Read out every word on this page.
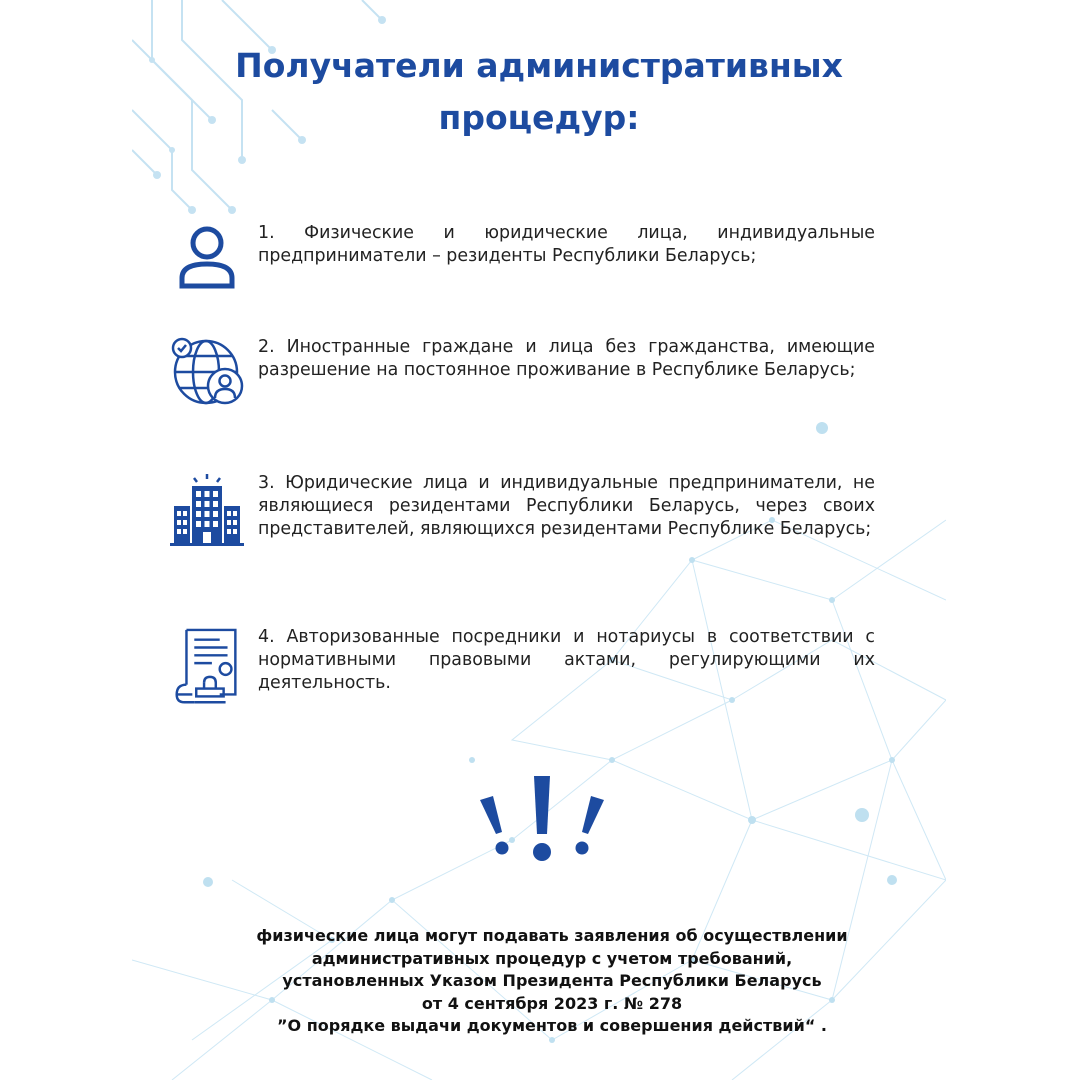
Получатели административных
процедур:

1. Физические и юридические лица, индивидуальные предприниматели – резиденты Республики Беларусь;

2. Иностранные граждане и лица без гражданства, имеющие разрешение на постоянное проживание в Республике Беларусь;

3. Юридические лица и индивидуальные предприниматели, не являющиеся резидентами Республики Беларусь, через своих представителей, являющихся резидентами Республике Беларусь;

4. Авторизованные посредники и нотариусы в соответствии с нормативными правовыми актами, регулирующими их деятельность.

физические лица могут подавать заявления об осуществлении
административных процедур с учетом требований,
установленных Указом Президента Республики Беларусь
от 4 сентября 2023 г. № 278
”О порядке выдачи документов и совершения действий“ .
